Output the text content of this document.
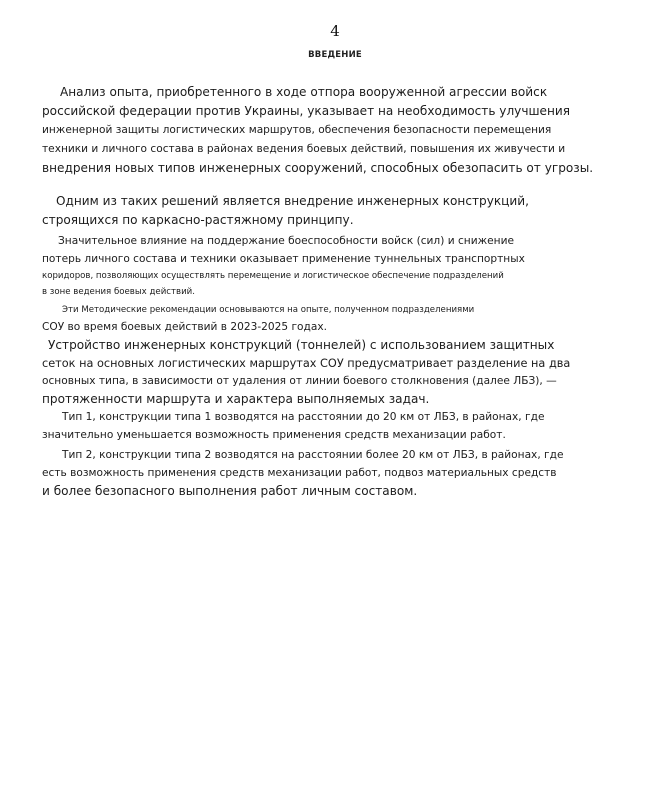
4
ВВЕДЕНИЕ
Анализ опыта, приобретенного в ходе отпора вооруженной агрессии войск
российской федерации против Украины, указывает на необходимость улучшения
инженерной защиты логистических маршрутов, обеспечения безопасности перемещения
техники и личного состава в районах ведения боевых действий, повышения их живучести и
внедрения новых типов инженерных сооружений, способных обезопасить от угрозы.
Одним из таких решений является внедрение инженерных конструкций,
строящихся по каркасно-растяжному принципу.
Значительное влияние на поддержание боеспособности войск (сил) и снижение
потерь личного состава и техники оказывает применение туннельных транспортных
коридоров, позволяющих осуществлять перемещение и логистическое обеспечение подразделений
в зоне ведения боевых действий.
Эти Методические рекомендации основываются на опыте, полученном подразделениями
СОУ во время боевых действий в 2023-2025 годах.
Устройство инженерных конструкций (тоннелей) с использованием защитных
сеток на основных логистических маршрутах СОУ предусматривает разделение на два
основных типа, в зависимости от удаления от линии боевого столкновения (далее ЛБЗ), —
протяженности маршрута и характера выполняемых задач.
Тип 1, конструкции типа 1 возводятся на расстоянии до 20 км от ЛБЗ, в районах, где
значительно уменьшается возможность применения средств механизации работ.
Тип 2, конструкции типа 2 возводятся на расстоянии более 20 км от ЛБЗ, в районах, где
есть возможность применения средств механизации работ, подвоз материальных средств
и более безопасного выполнения работ личным составом.
